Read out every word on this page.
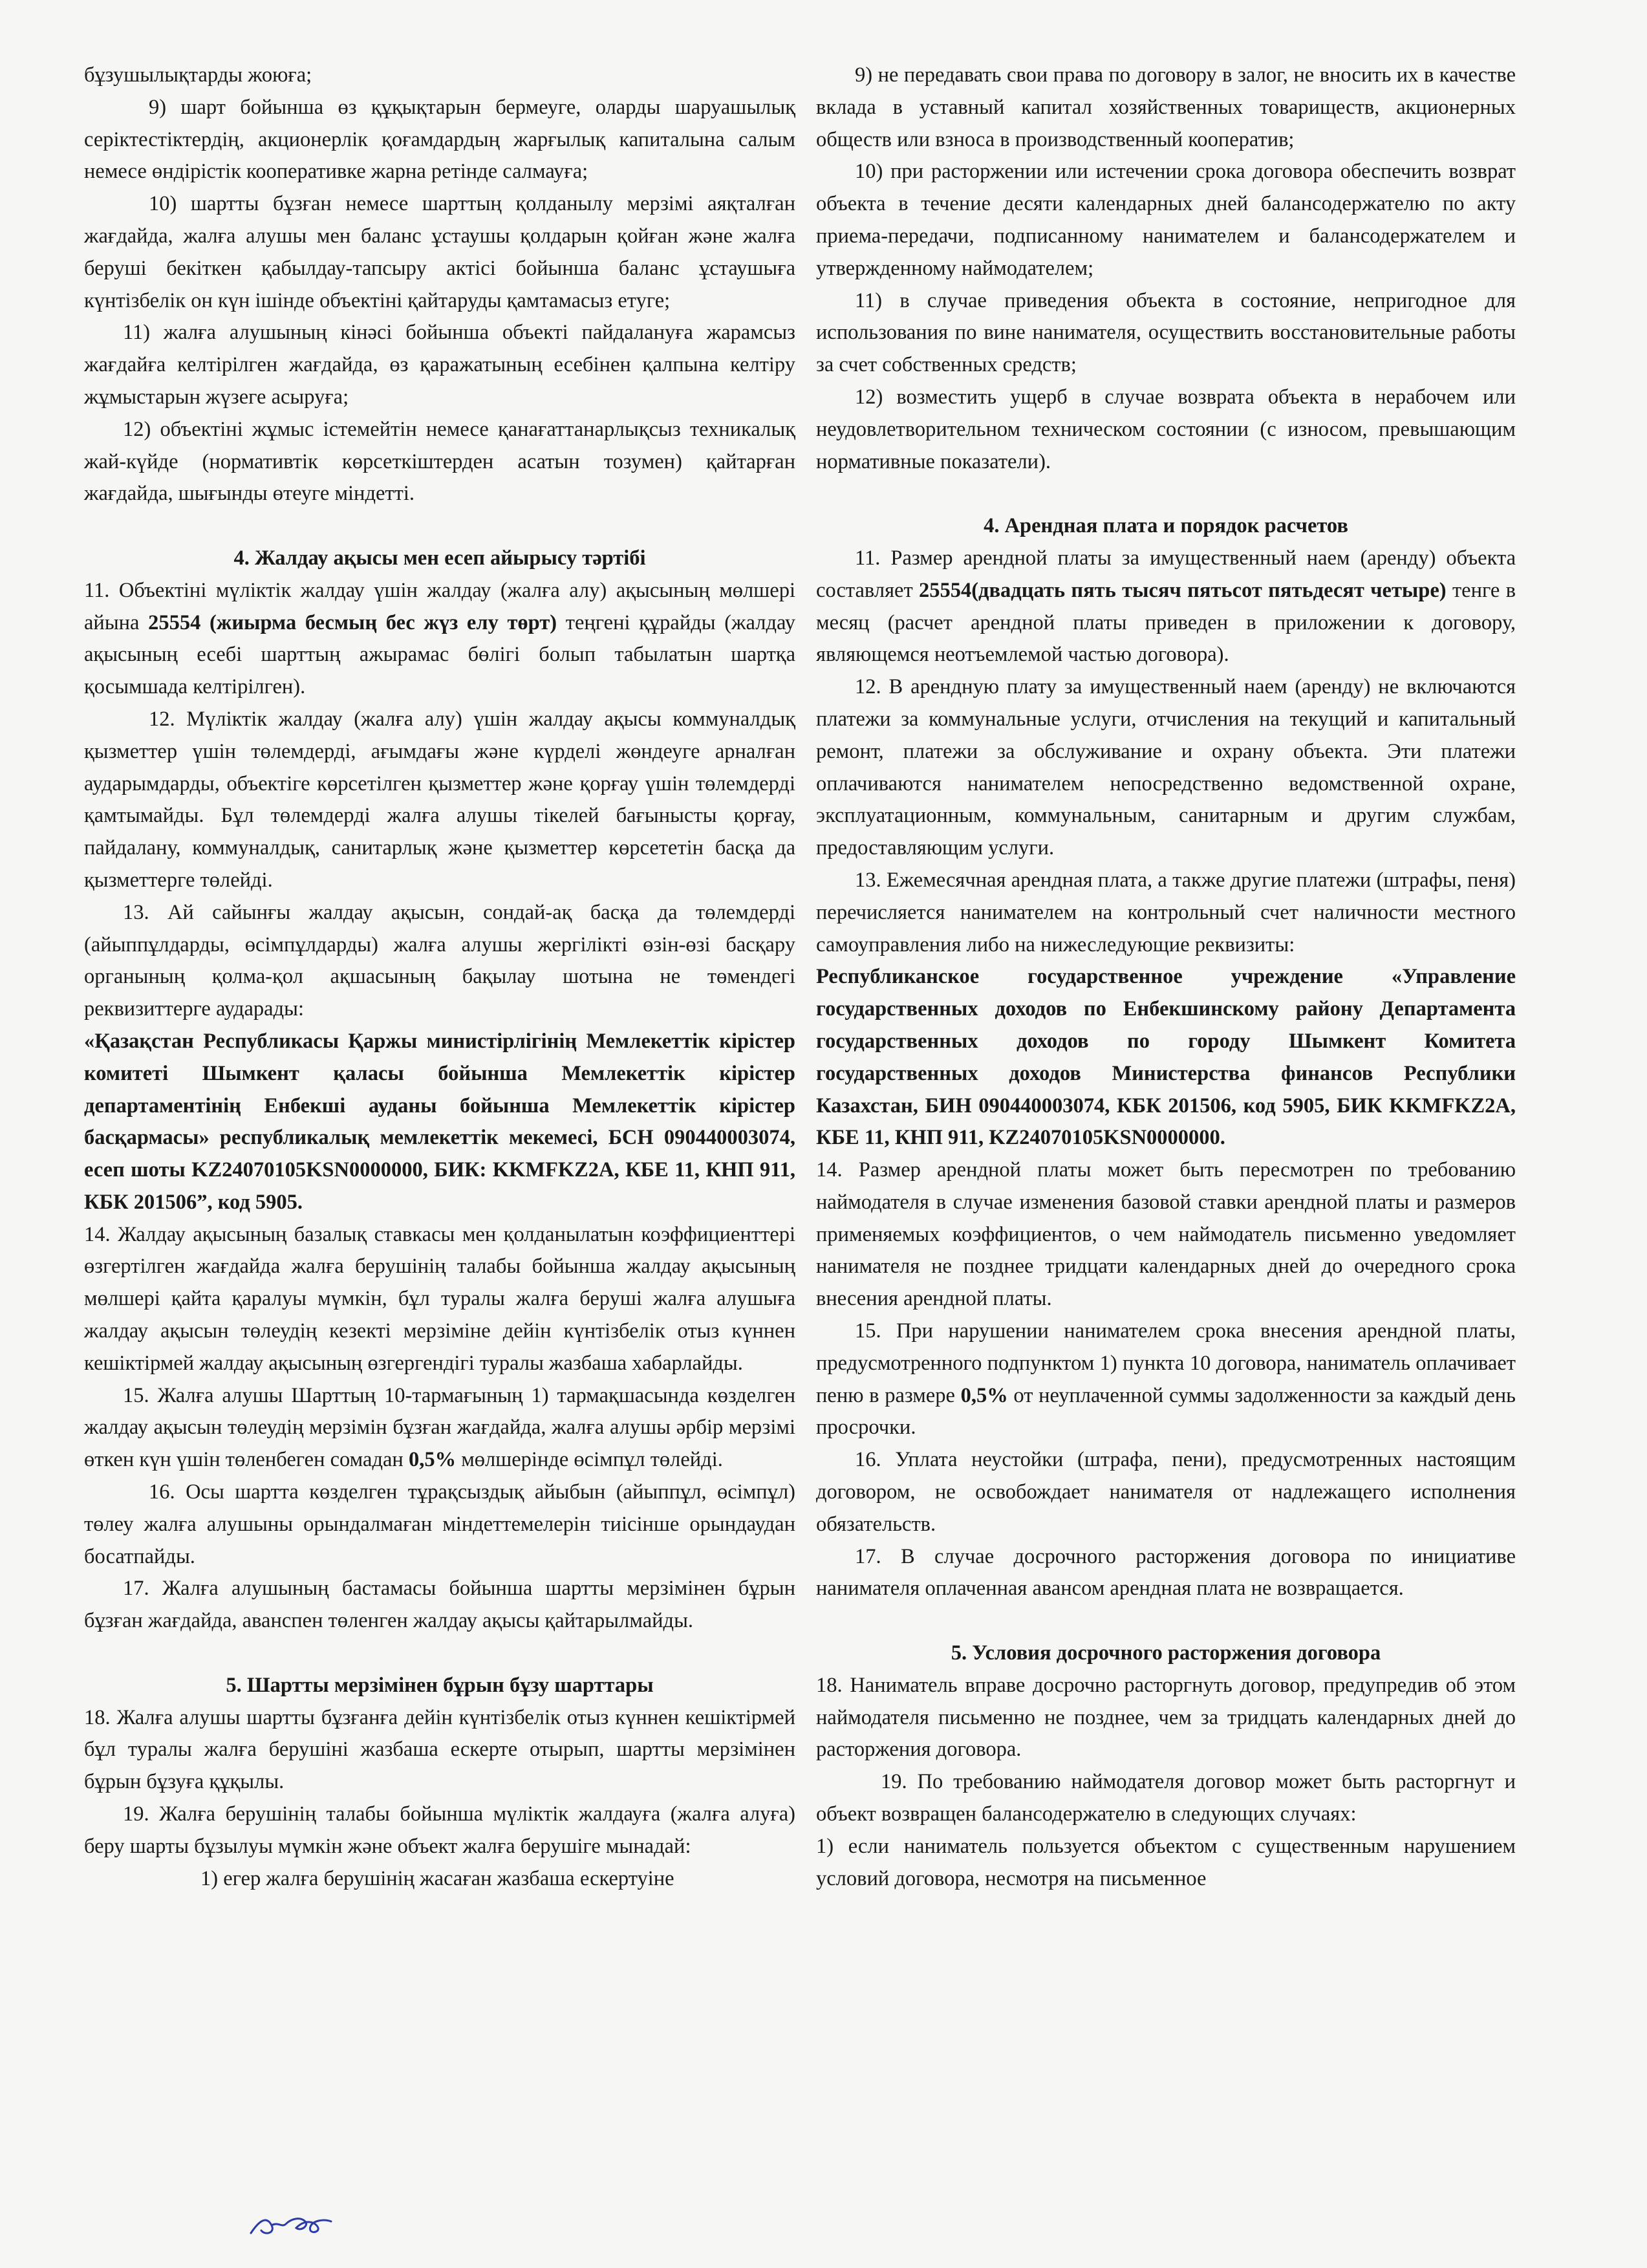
бұзушылықтарды жоюға;

9) шарт бойынша өз құқықтарын бермеуге, оларды шаруашылық серіктестіктердің, акционерлік қоғамдардың жарғылық капиталына салым немесе өндірістік кооперативке жарна ретінде салмауға;

10) шартты бұзған немесе шарттың қолданылу мерзімі аяқталған жағдайда, жалға алушы мен баланс ұстаушы қолдарын қойған және жалға беруші бекіткен қабылдау-тапсыру актісі бойынша баланс ұстаушыға күнтізбелік он күн ішінде объектіні қайтаруды қамтамасыз етуге;

11) жалға алушының кінәсі бойынша объекті пайдалануға жарамсыз жағдайға келтірілген жағдайда, өз қаражатының есебінен қалпына келтіру жұмыстарын жүзеге асыруға;

12) объектіні жұмыс істемейтін немесе қанағаттанарлықсыз техникалық жай-күйде (нормативтік көрсеткіштерден асатын тозумен) қайтарған жағдайда, шығынды өтеуге міндетті.

4. Жалдау ақысы мен есеп айырысу тәртібі

11. Объектіні мүліктік жалдау үшін жалдау (жалға алу) ақысының мөлшері айына 25554 (жиырма бесмың бес жүз елу төрт) теңгені құрайды (жалдау ақысының есебі шарттың ажырамас бөлігі болып табылатын шартқа қосымшада келтірілген).

12. Мүліктік жалдау (жалға алу) үшін жалдау ақысы коммуналдық қызметтер үшін төлемдерді, ағымдағы және күрделі жөндеуге арналған аударымдарды, объектіге көрсетілген қызметтер және қорғау үшін төлемдерді қамтымайды. Бұл төлемдерді жалға алушы тікелей бағынысты қорғау, пайдалану, коммуналдық, санитарлық және қызметтер көрсететін басқа да қызметтерге төлейді.

13. Ай сайынғы жалдау ақысын, сондай-ақ басқа да төлемдерді (айыппұлдарды, өсімпұлдарды) жалға алушы жергілікті өзін-өзі басқару органының қолма-қол ақшасының бақылау шотына не төмендегі реквизиттерге аударады:

«Қазақстан Республикасы Қаржы министірлігінің Мемлекеттік кірістер комитеті Шымкент қаласы бойынша Мемлекеттік кірістер департаментінің Енбекші ауданы бойынша Мемлекеттік кірістер басқармасы» республикалық мемлекеттік мекемесі, БСН 090440003074, есеп шоты KZ24070105KSN0000000, БИК: KKMFKZ2A, КБЕ 11, КНП 911, КБК 201506”, код 5905.

14. Жалдау ақысының базалық ставкасы мен қолданылатын коэффициенттері өзгертілген жағдайда жалға берушінің талабы бойынша жалдау ақысының мөлшері қайта қаралуы мүмкін, бұл туралы жалға беруші жалға алушыға жалдау ақысын төлеудің кезекті мерзіміне дейін күнтізбелік отыз күннен кешіктірмей жалдау ақысының өзгергендігі туралы жазбаша хабарлайды.

15. Жалға алушы Шарттың 10-тармағының 1) тармақшасында көзделген жалдау ақысын төлеудің мерзімін бұзған жағдайда, жалға алушы әрбір мерзімі өткен күн үшін төленбеген сомадан 0,5% мөлшерінде өсімпұл төлейді.

16. Осы шартта көзделген тұрақсыздық айыбын (айыппұл, өсімпұл) төлеу жалға алушыны орындалмаған міндеттемелерін тиісінше орындаудан босатпайды.

17. Жалға алушының бастамасы бойынша шартты мерзімінен бұрын бұзған жағдайда, аванспен төленген жалдау ақысы қайтарылмайды.

5. Шартты мерзімінен бұрын бұзу шарттары

18. Жалға алушы шартты бұзғанға дейін күнтізбелік отыз күннен кешіктірмей бұл туралы жалға берушіні жазбаша ескерте отырып, шартты мерзімінен бұрын бұзуға құқылы.

19. Жалға берушінің талабы бойынша мүліктік жалдауға (жалға алуға) беру шарты бұзылуы мүмкін және объект жалға берушіге мынадай:

1) егер жалға берушінің жасаған жазбаша ескертуіне

9) не передавать свои права по договору в залог, не вносить их в качестве вклада в уставный капитал хозяйственных товариществ, акционерных обществ или взноса в производственный кооператив;

10) при расторжении или истечении срока договора обеспечить возврат объекта в течение десяти календарных дней балансодержателю по акту приема-передачи, подписанному нанимателем и балансодержателем и утвержденному наймодателем;

11) в случае приведения объекта в состояние, непригодное для использования по вине нанимателя, осуществить восстановительные работы за счет собственных средств;

12) возместить ущерб в случае возврата объекта в нерабочем или неудовлетворительном техническом состоянии (с износом, превышающим нормативные показатели).

4. Арендная плата и порядок расчетов

11. Размер арендной платы за имущественный наем (аренду) объекта составляет 25554(двадцать пять тысяч пятьсот пятьдесят четыре) тенге в месяц (расчет арендной платы приведен в приложении к договору, являющемся неотъемлемой частью договора).

12. В арендную плату за имущественный наем (аренду) не включаются платежи за коммунальные услуги, отчисления на текущий и капитальный ремонт, платежи за обслуживание и охрану объекта. Эти платежи оплачиваются нанимателем непосредственно ведомственной охране, эксплуатационным, коммунальным, санитарным и другим службам, предоставляющим услуги.

13. Ежемесячная арендная плата, а также другие платежи (штрафы, пеня) перечисляется нанимателем на контрольный счет наличности местного самоуправления либо на нижеследующие реквизиты:

Республиканское государственное учреждение «Управление государственных доходов по Енбекшинскому району Департамента государственных доходов по городу Шымкент Комитета государственных доходов Министерства финансов Республики Казахстан, БИН 090440003074, КБК 201506, код 5905, БИК KKMFKZ2A, КБЕ 11, КНП 911, KZ24070105KSN0000000.

14. Размер арендной платы может быть пересмотрен по требованию наймодателя в случае изменения базовой ставки арендной платы и размеров применяемых коэффициентов, о чем наймодатель письменно уведомляет нанимателя не позднее тридцати календарных дней до очередного срока внесения арендной платы.

15. При нарушении нанимателем срока внесения арендной платы, предусмотренного подпунктом 1) пункта 10 договора, наниматель оплачивает пеню в размере 0,5% от неуплаченной суммы задолженности за каждый день просрочки.

16. Уплата неустойки (штрафа, пени), предусмотренных настоящим договором, не освобождает нанимателя от надлежащего исполнения обязательств.

17. В случае досрочного расторжения договора по инициативе нанимателя оплаченная авансом арендная плата не возвращается.

5. Условия досрочного расторжения договора

18. Наниматель вправе досрочно расторгнуть договор, предупредив об этом наймодателя письменно не позднее, чем за тридцать календарных дней до расторжения договора.

19. По требованию наймодателя договор может быть расторгнут и объект возвращен балансодержателю в следующих случаях:

1) если наниматель пользуется объектом с существенным нарушением условий договора, несмотря на письменное
